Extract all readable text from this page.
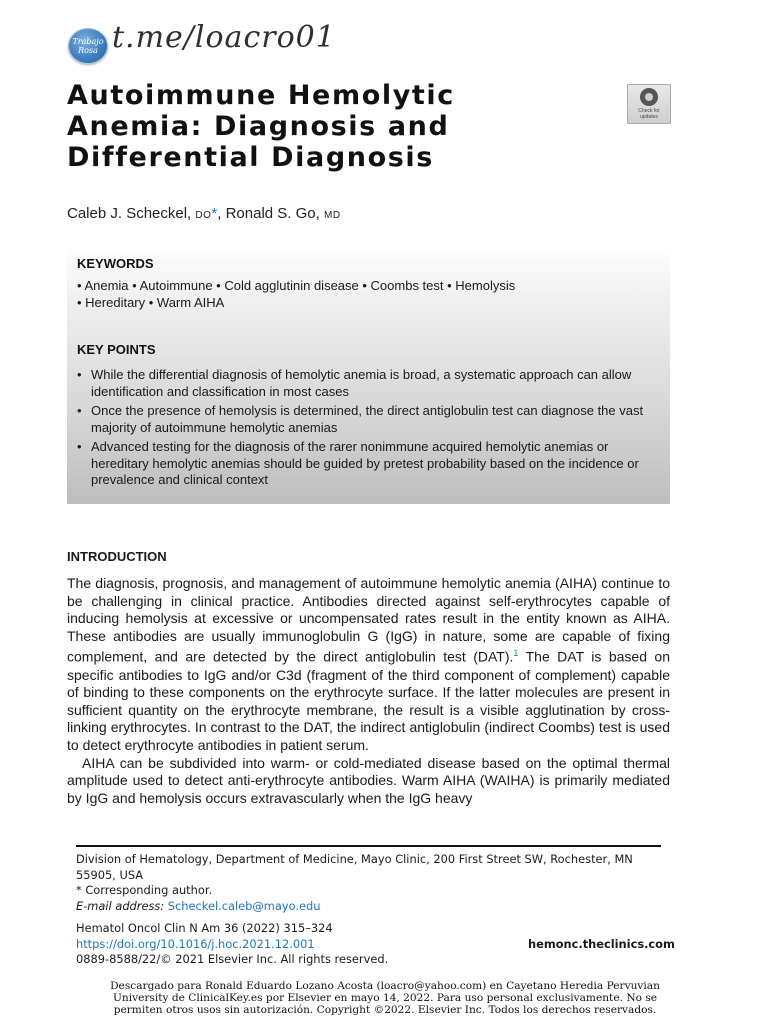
Trabajo
Rosa t.me/loacro01
Autoimmune Hemolytic Anemia: Diagnosis and Differential Diagnosis
Check for
updates
Caleb J. Scheckel, DO*, Ronald S. Go, MD
KEYWORDS
• Anemia • Autoimmune • Cold agglutinin disease • Coombs test • Hemolysis
• Hereditary • Warm AIHA
KEY POINTS
• While the differential diagnosis of hemolytic anemia is broad, a systematic approach can allow identification and classification in most cases
• Once the presence of hemolysis is determined, the direct antiglobulin test can diagnose the vast majority of autoimmune hemolytic anemias
• Advanced testing for the diagnosis of the rarer nonimmune acquired hemolytic anemias or hereditary hemolytic anemias should be guided by pretest probability based on the incidence or prevalence and clinical context
INTRODUCTION

The diagnosis, prognosis, and management of autoimmune hemolytic anemia (AIHA) continue to be challenging in clinical practice. Antibodies directed against self-erythrocytes capable of inducing hemolysis at excessive or uncompensated rates result in the entity known as AIHA. These antibodies are usually immunoglobulin G (IgG) in nature, some are capable of fixing complement, and are detected by the direct antiglobulin test (DAT).$^1$ The DAT is based on specific antibodies to IgG and/or C3d (fragment of the third component of complement) capable of binding to these components on the erythrocyte surface. If the latter molecules are present in sufficient quantity on the erythrocyte membrane, the result is a visible agglutination by cross-linking erythrocytes. In contrast to the DAT, the indirect antiglobulin (indirect Coombs) test is used to detect erythrocyte antibodies in patient serum.

AIHA can be subdivided into warm- or cold-mediated disease based on the optimal thermal amplitude used to detect anti-erythrocyte antibodies. Warm AIHA (WAIHA) is primarily mediated by IgG and hemolysis occurs extravascularly when the IgG heavy

Division of Hematology, Department of Medicine, Mayo Clinic, 200 First Street SW, Rochester, MN 55905, USA
* Corresponding author.
E-mail address: Scheckel.caleb@mayo.edu
Hematol Oncol Clin N Am 36 (2022) 315–324
https://doi.org/10.1016/j.hoc.2021.12.001
0889-8588/22/© 2021 Elsevier Inc. All rights reserved.
hemonc.theclinics.com
Descargado para Ronald Eduardo Lozano Acosta (loacro@yahoo.com) en Cayetano Heredia Pervuvian University de ClinicalKey.es por Elsevier en mayo 14, 2022. Para uso personal exclusivamente. No se permiten otros usos sin autorización. Copyright ©2022. Elsevier Inc. Todos los derechos reservados.
